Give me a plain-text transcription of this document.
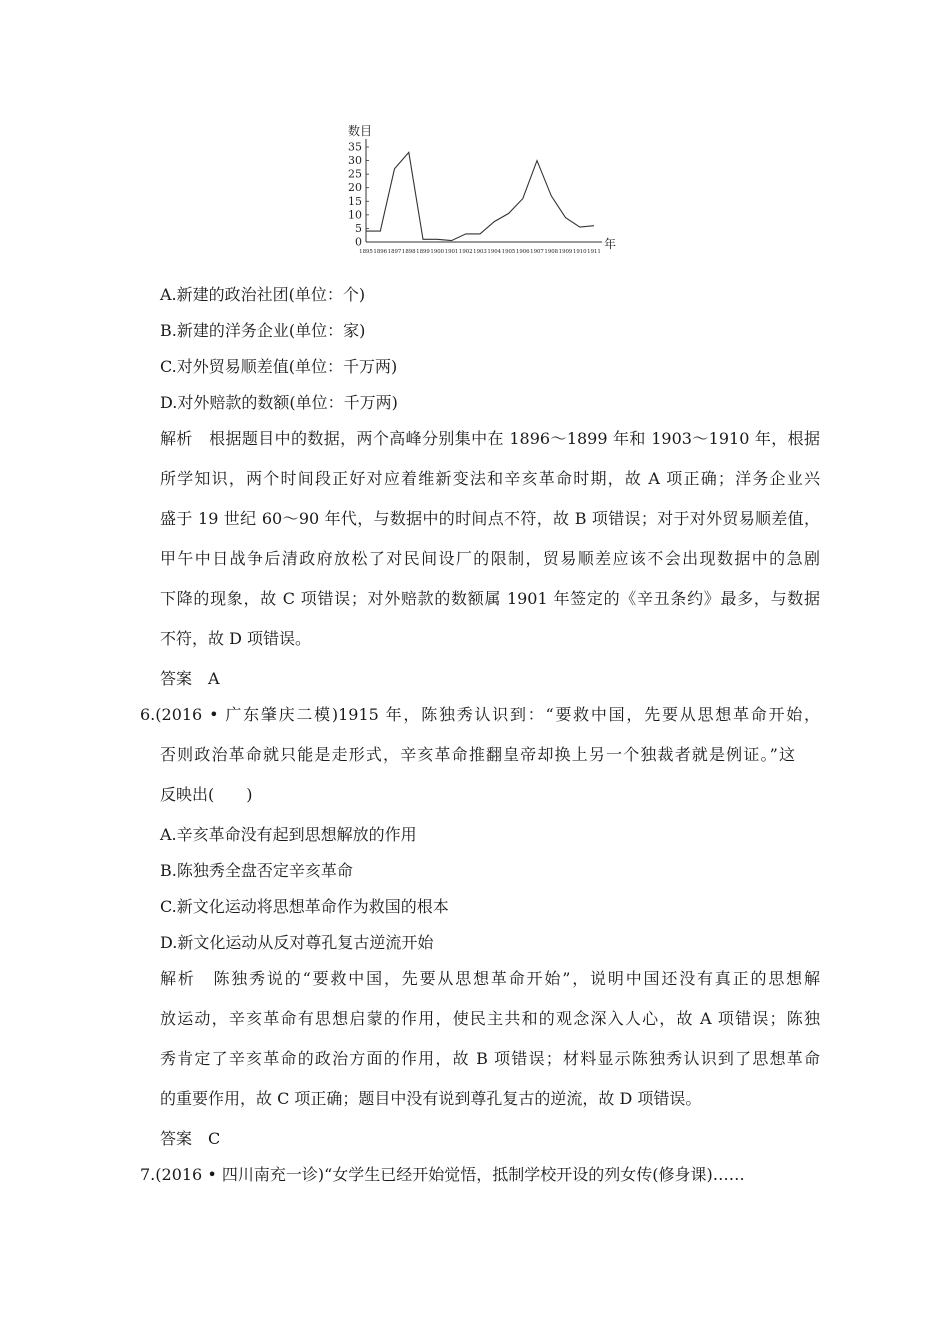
数目
年
0
5
10
15
20
25
30
35
1895 1896 1897 1898 1899 1900 1901 1902 1903 1904 1905 1906 1907 1908 1909 1910 1911
A.新建的政治社团(单位：个)
B.新建的洋务企业(单位：家)
C.对外贸易顺差值(单位：千万两)
D.对外赔款的数额(单位：千万两)
解析　根据题目中的数据，两个高峰分别集中在 1896～1899 年和 1903～1910 年，根据
所学知识，两个时间段正好对应着维新变法和辛亥革命时期，故 A 项正确；洋务企业兴
盛于 19 世纪 60～90 年代，与数据中的时间点不符，故 B 项错误；对于对外贸易顺差值，
甲午中日战争后清政府放松了对民间设厂的限制，贸易顺差应该不会出现数据中的急剧
下降的现象，故 C 项错误；对外赔款的数额属 1901 年签定的《辛丑条约》最多，与数据
不符，故 D 项错误。
答案　A
6.(2016 • 广东肇庆二模)1915 年，陈独秀认识到：“要救中国，先要从思想革命开始，
否则政治革命就只能是走形式，辛亥革命推翻皇帝却换上另一个独裁者就是例证。”这
反映出(　　)
A.辛亥革命没有起到思想解放的作用
B.陈独秀全盘否定辛亥革命
C.新文化运动将思想革命作为救国的根本
D.新文化运动从反对尊孔复古逆流开始
解析　陈独秀说的“要救中国，先要从思想革命开始”，说明中国还没有真正的思想解
放运动，辛亥革命有思想启蒙的作用，使民主共和的观念深入人心，故 A 项错误；陈独
秀肯定了辛亥革命的政治方面的作用，故 B 项错误；材料显示陈独秀认识到了思想革命
的重要作用，故 C 项正确；题目中没有说到尊孔复古的逆流，故 D 项错误。
答案　C
7.(2016 • 四川南充一诊)“女学生已经开始觉悟，抵制学校开设的列女传(修身课)……
